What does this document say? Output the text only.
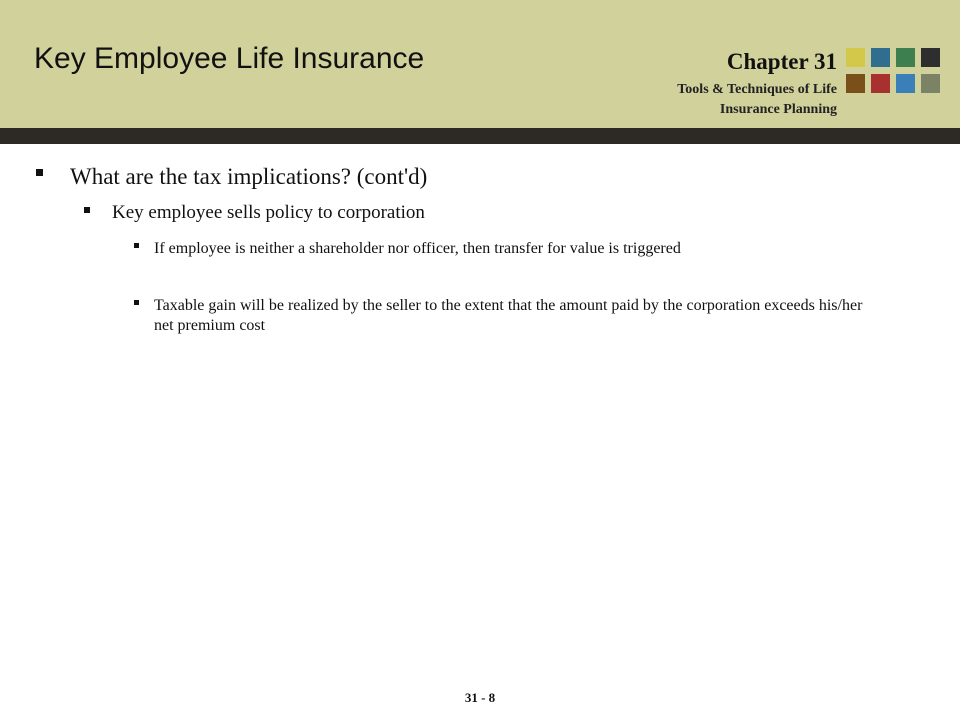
Key Employee Life Insurance	Chapter 31
Tools & Techniques of Life
Insurance Planning
What are the tax implications? (cont'd)
Key employee sells policy to corporation
If employee is neither a shareholder nor officer, then transfer for value is triggered
Taxable gain will be realized by the seller to the extent that the amount paid by the corporation exceeds his/her net premium cost
31 - 8
